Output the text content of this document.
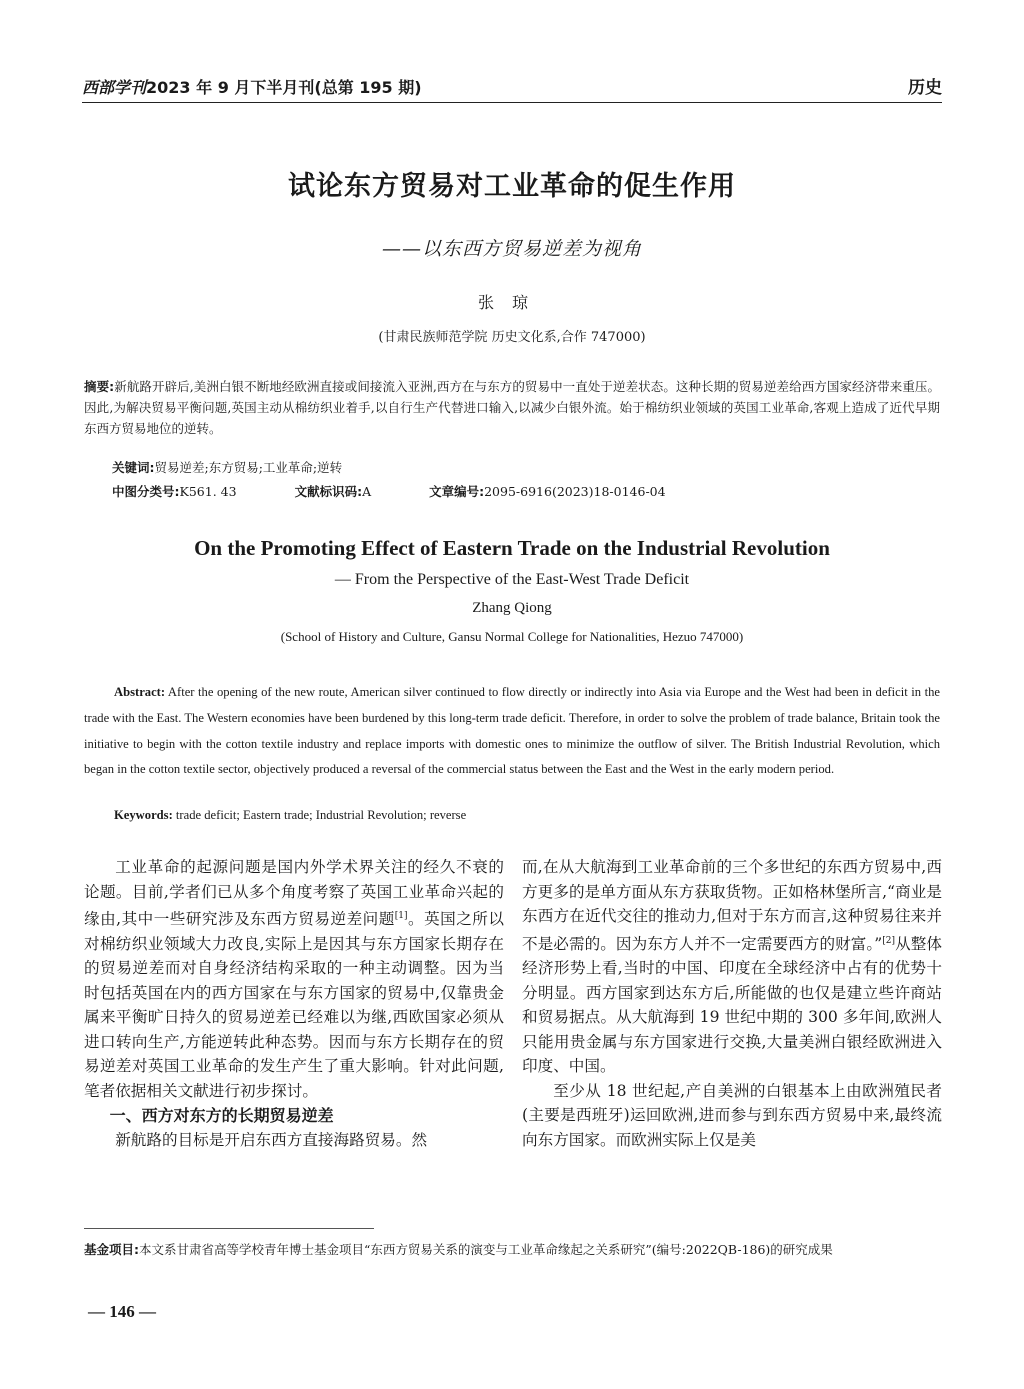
西部学刊2023 年 9 月下半月刊(总第 195 期)	历史
试论东方贸易对工业革命的促生作用
——以东西方贸易逆差为视角
张琼
(甘肃民族师范学院 历史文化系,合作 747000)
摘要:新航路开辟后,美洲白银不断地经欧洲直接或间接流入亚洲,西方在与东方的贸易中一直处于逆差状态。这种长期的贸易逆差给西方国家经济带来重压。因此,为解决贸易平衡问题,英国主动从棉纺织业着手,以自行生产代替进口输入,以减少白银外流。始于棉纺织业领域的英国工业革命,客观上造成了近代早期东西方贸易地位的逆转。
关键词:贸易逆差;东方贸易;工业革命;逆转
中图分类号:K561. 43	文献标识码:A	文章编号:2095-6916(2023)18-0146-04
On the Promoting Effect of Eastern Trade on the Industrial Revolution
— From the Perspective of the East-West Trade Deficit
Zhang Qiong
(School of History and Culture, Gansu Normal College for Nationalities, Hezuo 747000)
Abstract: After the opening of the new route, American silver continued to flow directly or indirectly into Asia via Europe and the West had been in deficit in the trade with the East. The Western economies have been burdened by this long-term trade deficit. Therefore, in order to solve the problem of trade balance, Britain took the initiative to begin with the cotton textile industry and replace imports with domestic ones to minimize the outflow of silver. The British Industrial Revolution, which began in the cotton textile sector, objectively produced a reversal of the commercial status between the East and the West in the early modern period.
Keywords: trade deficit; Eastern trade; Industrial Revolution; reverse

工业革命的起源问题是国内外学术界关注的经久不衰的论题。目前,学者们已从多个角度考察了英国工业革命兴起的缘由,其中一些研究涉及东西方贸易逆差问题[1]。英国之所以对棉纺织业领域大力改良,实际上是因其与东方国家长期存在的贸易逆差而对自身经济结构采取的一种主动调整。因为当时包括英国在内的西方国家在与东方国家的贸易中,仅靠贵金属来平衡旷日持久的贸易逆差已经难以为继,西欧国家必须从进口转向生产,方能逆转此种态势。因而与东方长期存在的贸易逆差对英国工业革命的发生产生了重大影响。针对此问题,笔者依据相关文献进行初步探讨。

一、西方对东方的长期贸易逆差

新航路的目标是开启东西方直接海路贸易。然

而,在从大航海到工业革命前的三个多世纪的东西方贸易中,西方更多的是单方面从东方获取货物。正如格林堡所言,“商业是东西方在近代交往的推动力,但对于东方而言,这种贸易往来并不是必需的。因为东方人并不一定需要西方的财富。”[2]从整体经济形势上看,当时的中国、印度在全球经济中占有的优势十分明显。西方国家到达东方后,所能做的也仅是建立些许商站和贸易据点。从大航海到 19 世纪中期的 300 多年间,欧洲人只能用贵金属与东方国家进行交换,大量美洲白银经欧洲进入印度、中国。

至少从 18 世纪起,产自美洲的白银基本上由欧洲殖民者(主要是西班牙)运回欧洲,进而参与到东西方贸易中来,最终流向东方国家。而欧洲实际上仅是美

基金项目:本文系甘肃省高等学校青年博士基金项目“东西方贸易关系的演变与工业革命缘起之关系研究”(编号:2022QB-186)的研究成果
— 146 —
